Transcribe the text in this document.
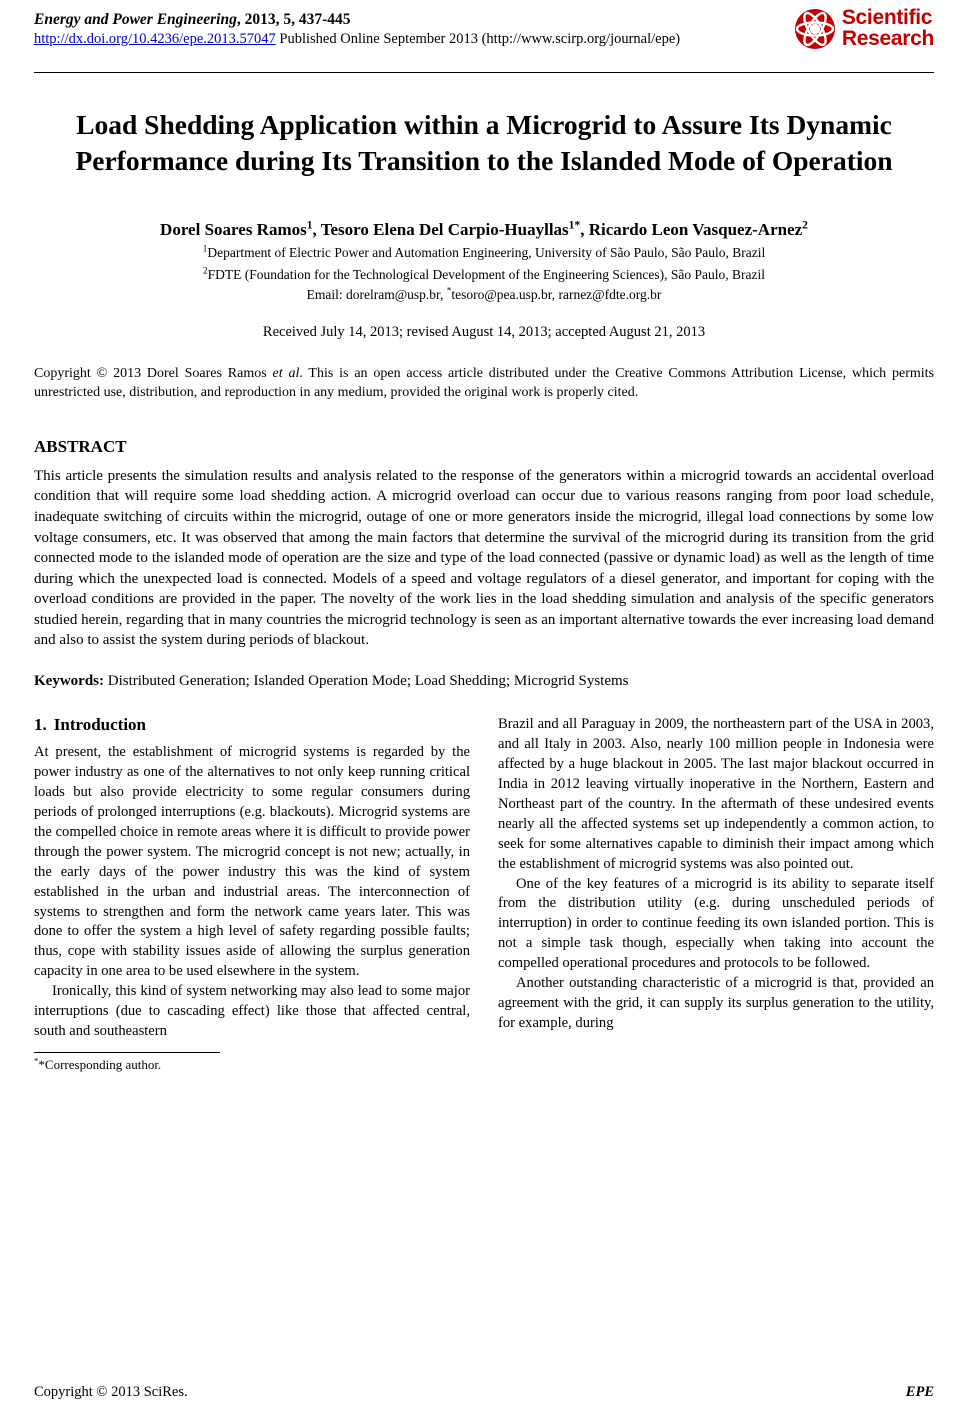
Energy and Power Engineering, 2013, 5, 437-445
http://dx.doi.org/10.4236/epe.2013.57047 Published Online September 2013 (http://www.scirp.org/journal/epe)
Scientific
Research
Load Shedding Application within a Microgrid to Assure Its Dynamic Performance during Its Transition to the Islanded Mode of Operation
Dorel Soares Ramos$^1$, Tesoro Elena Del Carpio-Huayllas$^{1*}$, Ricardo Leon Vasquez-Arnez$^2$
$^1$Department of Electric Power and Automation Engineering, University of São Paulo, São Paulo, Brazil
$^2$FDTE (Foundation for the Technological Development of the Engineering Sciences), São Paulo, Brazil
Email: dorelram@usp.br, *tesoro@pea.usp.br, rarnez@fdte.org.br
Received July 14, 2013; revised August 14, 2013; accepted August 21, 2013
Copyright © 2013 Dorel Soares Ramos et al. This is an open access article distributed under the Creative Commons Attribution License, which permits unrestricted use, distribution, and reproduction in any medium, provided the original work is properly cited.
ABSTRACT
This article presents the simulation results and analysis related to the response of the generators within a microgrid towards an accidental overload condition that will require some load shedding action. A microgrid overload can occur due to various reasons ranging from poor load schedule, inadequate switching of circuits within the microgrid, outage of one or more generators inside the microgrid, illegal load connections by some low voltage consumers, etc. It was observed that among the main factors that determine the survival of the microgrid during its transition from the grid connected mode to the islanded mode of operation are the size and type of the load connected (passive or dynamic load) as well as the length of time during which the unexpected load is connected. Models of a speed and voltage regulators of a diesel generator, and important for coping with the overload conditions are provided in the paper. The novelty of the work lies in the load shedding simulation and analysis of the specific generators studied herein, regarding that in many countries the microgrid technology is seen as an important alternative towards the ever increasing load demand and also to assist the system during periods of blackout.
Keywords: Distributed Generation; Islanded Operation Mode; Load Shedding; Microgrid Systems
1. Introduction

At present, the establishment of microgrid systems is regarded by the power industry as one of the alternatives to not only keep running critical loads but also provide electricity to some regular consumers during periods of prolonged interruptions (e.g. blackouts). Microgrid systems are the compelled choice in remote areas where it is difficult to provide power through the power system. The microgrid concept is not new; actually, in the early days of the power industry this was the kind of system established in the urban and industrial areas. The interconnection of systems to strengthen and form the network came years later. This was done to offer the system a high level of safety regarding possible faults; thus, cope with stability issues aside of allowing the surplus generation capacity in one area to be used elsewhere in the system.

Ironically, this kind of system networking may also lead to some major interruptions (due to cascading effect) like those that affected central, south and southeastern

**Corresponding author.

Brazil and all Paraguay in 2009, the northeastern part of the USA in 2003, and all Italy in 2003. Also, nearly 100 million people in Indonesia were affected by a huge blackout in 2005. The last major blackout occurred in India in 2012 leaving virtually inoperative in the Northern, Eastern and Northeast part of the country. In the aftermath of these undesired events nearly all the affected systems set up independently a common action, to seek for some alternatives capable to diminish their impact among which the establishment of microgrid systems was also pointed out.

One of the key features of a microgrid is its ability to separate itself from the distribution utility (e.g. during unscheduled periods of interruption) in order to continue feeding its own islanded portion. This is not a simple task though, especially when taking into account the compelled operational procedures and protocols to be followed.

Another outstanding characteristic of a microgrid is that, provided an agreement with the grid, it can supply its surplus generation to the utility, for example, during

Copyright © 2013 SciRes.	EPE
